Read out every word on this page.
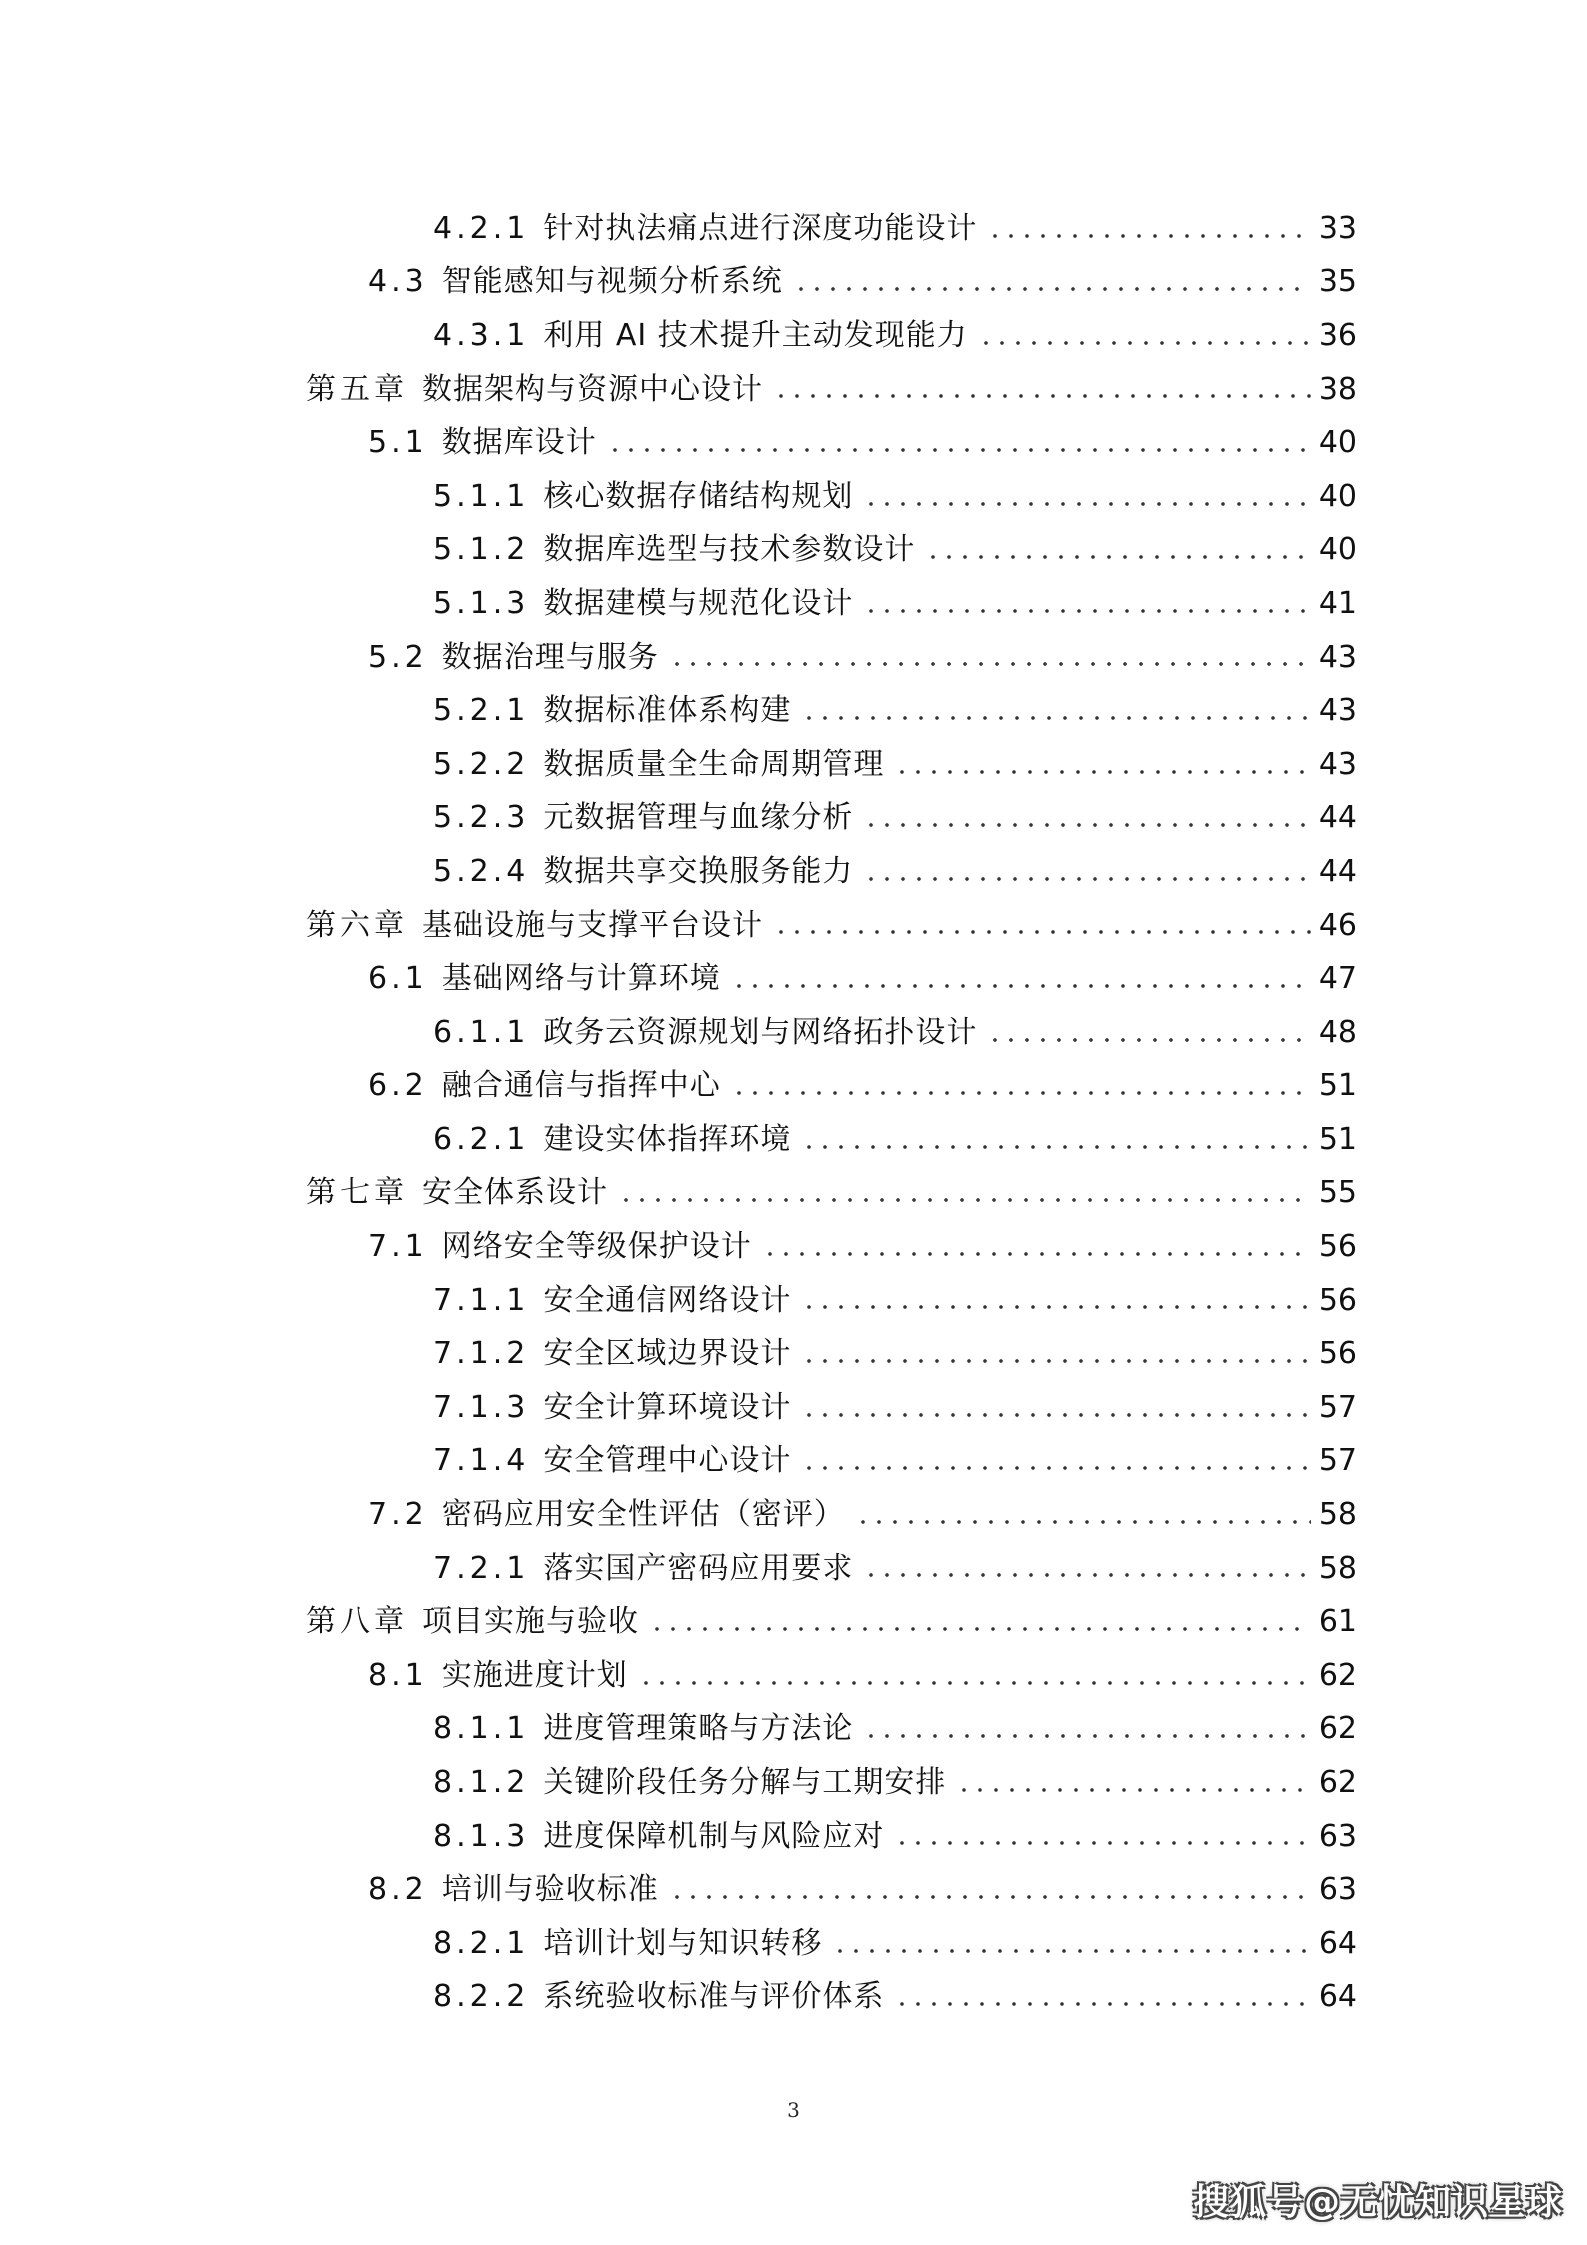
4.2.1 针对执法痛点进行深度功能设计	33
4.3 智能感知与视频分析系统	35
4.3.1 利用 AI 技术提升主动发现能力	36
第五章 数据架构与资源中心设计	38
5.1 数据库设计	40
5.1.1 核心数据存储结构规划	40
5.1.2 数据库选型与技术参数设计	40
5.1.3 数据建模与规范化设计	41
5.2 数据治理与服务	43
5.2.1 数据标准体系构建	43
5.2.2 数据质量全生命周期管理	43
5.2.3 元数据管理与血缘分析	44
5.2.4 数据共享交换服务能力	44
第六章 基础设施与支撑平台设计	46
6.1 基础网络与计算环境	47
6.1.1 政务云资源规划与网络拓扑设计	48
6.2 融合通信与指挥中心	51
6.2.1 建设实体指挥环境	51
第七章 安全体系设计	55
7.1 网络安全等级保护设计	56
7.1.1 安全通信网络设计	56
7.1.2 安全区域边界设计	56
7.1.3 安全计算环境设计	57
7.1.4 安全管理中心设计	57
7.2 密码应用安全性评估（密评）	58
7.2.1 落实国产密码应用要求	58
第八章 项目实施与验收	61
8.1 实施进度计划	62
8.1.1 进度管理策略与方法论	62
8.1.2 关键阶段任务分解与工期安排	62
8.1.3 进度保障机制与风险应对	63
8.2 培训与验收标准	63
8.2.1 培训计划与知识转移	64
8.2.2 系统验收标准与评价体系	64
3
搜狐号@无忧知识星球
